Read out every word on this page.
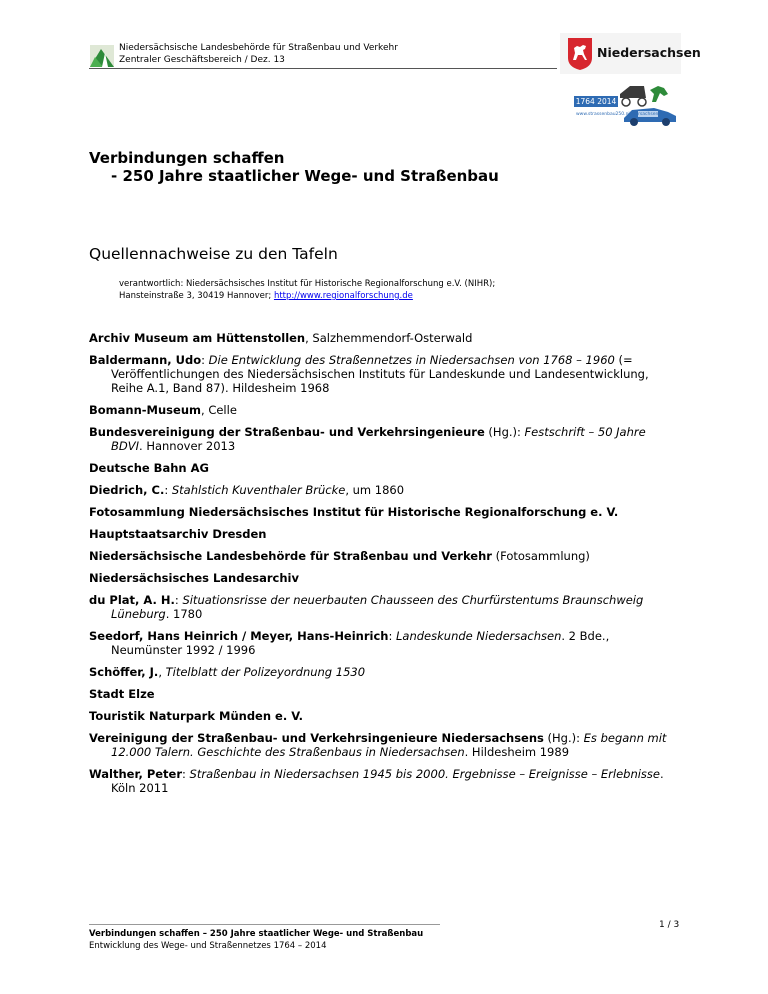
Niedersächsische Landesbehörde für Straßenbau und Verkehr
Zentraler Geschäftsbereich / Dez. 13	Niedersachsen
1764 2014
www.strassenbau250.niedersachsen.de
Verbindungen schaffen
- 250 Jahre staatlicher Wege- und Straßenbau
Quellennachweise zu den Tafeln
verantwortlich: Niedersächsisches Institut für Historische Regionalforschung e.V. (NIHR);
Hansteinstraße 3, 30419 Hannover; http://www.regionalforschung.de
Archiv Museum am Hüttenstollen, Salzhemmendorf-Osterwald
Baldermann, Udo: Die Entwicklung des Straßennetzes in Niedersachsen von 1768 – 1960 (= Veröffentlichungen des Niedersächsischen Instituts für Landeskunde und Landesentwicklung, Reihe A.1, Band 87). Hildesheim 1968
Bomann-Museum, Celle
Bundesvereinigung der Straßenbau- und Verkehrsingenieure (Hg.): Festschrift – 50 Jahre BDVI. Hannover 2013
Deutsche Bahn AG
Diedrich, C.: Stahlstich Kuventhaler Brücke, um 1860
Fotosammlung Niedersächsisches Institut für Historische Regionalforschung e. V.
Hauptstaatsarchiv Dresden
Niedersächsische Landesbehörde für Straßenbau und Verkehr (Fotosammlung)
Niedersächsisches Landesarchiv
du Plat, A. H.: Situationsrisse der neuerbauten Chausseen des Churfürstentums Braunschweig Lüneburg. 1780
Seedorf, Hans Heinrich / Meyer, Hans-Heinrich: Landeskunde Niedersachsen. 2 Bde., Neumünster 1992 / 1996
Schöffer, J., Titelblatt der Polizeyordnung 1530
Stadt Elze
Touristik Naturpark Münden e. V.
Vereinigung der Straßenbau- und Verkehrsingenieure Niedersachsens (Hg.): Es begann mit 12.000 Talern. Geschichte des Straßenbaus in Niedersachsen. Hildesheim 1989
Walther, Peter: Straßenbau in Niedersachsen 1945 bis 2000. Ergebnisse – Ereignisse – Erlebnisse. Köln 2011
Verbindungen schaffen – 250 Jahre staatlicher Wege- und Straßenbau
Entwicklung des Wege- und Straßennetzes 1764 – 2014
1 / 3
